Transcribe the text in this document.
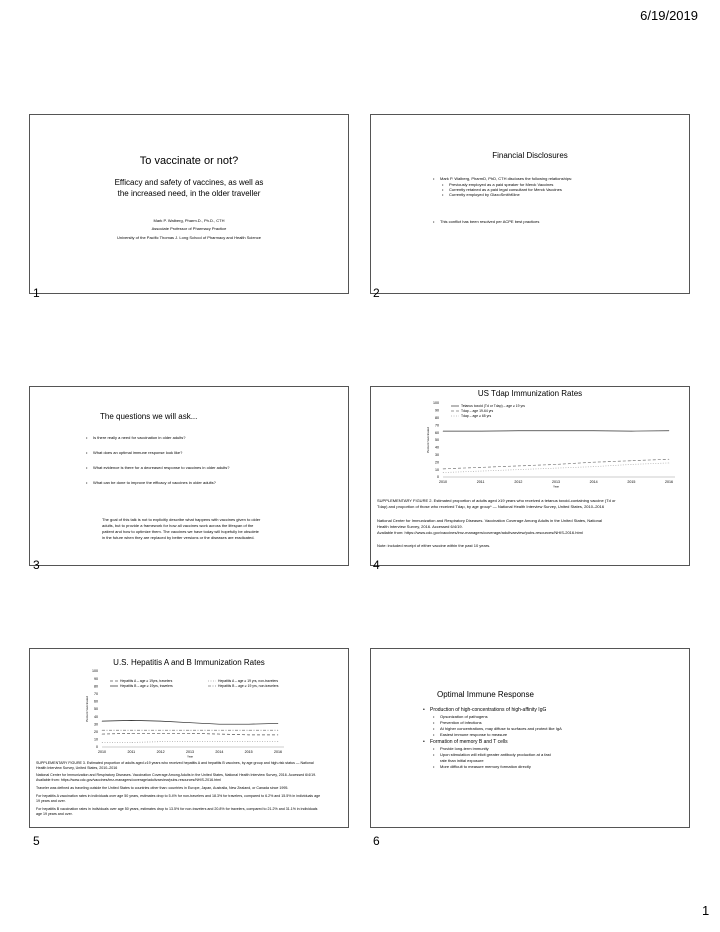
6/19/2019
To vaccinate or not?
Efficacy and safety of vaccines, as well as
the increased need, in the older traveller
Mark P. Walberg, Pharm.D., Ph.D., CTH
Associate Professor of Pharmacy Practice
University of the Pacific Thomas J. Long School of Pharmacy and Health Science
1
Financial Disclosures
• Mark P. Walberg, PharmD, PhD, CTH discloses the following relationships:
• Previously employed as a paid speaker for Merck Vaccines
• Currently retained as a paid legal consultant for Merck Vaccines
• Currently employed by GlaxoSmithKline
• This conflict has been resolved per ACPE best practices
2
The questions we will ask...
• Is there really a need for vaccination in older adults?
• What does an optimal immune response look like?
• What evidence is there for a decreased response to vaccines in older adults?
• What can be done to improve the efficacy of vaccines in older adults?
The goal of this talk is not to explicitly describe what happens with vaccines given to older
adults, but to provide a framework for how all vaccines work across the lifespan of the
patient and how to optimize them. The vaccines we have today will hopefully be obsolete
in the future when they are replaced by better versions or the diseases are eradicated.
3
US Tdap Immunization Rates
0
10
20
30
40
50
60
70
80
90
100
2010	2011	2012	2013	2014	2015	2016
Year
Percent Vaccinated
Tetanus toxoid (Td or Tdap) – age ≥ 19 yrs
Tdap – age 19-64 yrs
Tdap – age ≥ 65 yrs
SUPPLEMENTARY FIGURE 2. Estimated proportion of adults aged ≥19 years who received a tetanus toxoid-containing vaccine (Td or
Tdap) and proportion of those who received Tdap, by age group* — National Health Interview Survey, United States, 2010–2016
National Center for Immunization and Respiratory Diseases. Vaccination Coverage Among Adults in the United States, National
Health Interview Survey, 2016. Accessed 6/4/19.
Available from: https://www.cdc.gov/vaccines/imz-managers/coverage/adultvaxview/pubs-resources/NHIS-2016.html
Note: included receipt of either vaccine within the past 10 years.
4
U.S. Hepatitis A and B Immunization Rates
0
10
20
30
40
50
60
70
80
90
100
2010	2011	2012	2013	2014	2015	2016
Year
Percent Vaccinated
Hepatitis A – age ≥ 19yrs, travelers	Hepatitis A – age ≥ 19 yrs, non-travelers
Hepatitis B – age ≥ 19yrs, travelers	Hepatitis B – age ≥ 19 yrs, non-travelers
SUPPLEMENTARY FIGURE 3. Estimated proportion of adults aged ≥19 years who received hepatitis A and hepatitis B vaccines, by age group and high-risk status — National
Health Interview Survey, United States, 2010–2016
National Center for Immunization and Respiratory Diseases. Vaccination Coverage Among Adults in the United States, National Health Interview Survey, 2016. Accessed 6/4/19.
Available from: https://www.cdc.gov/vaccines/imz-managers/coverage/adultvaxview/pubs-resources/NHIS-2016.html
Traveler was defined as traveling outside the United States to countries other than: countries in Europe, Japan, Australia, New Zealand, or Canada since 1995.
For hepatitis A vaccination rates in individuals over age 50 years, estimates drop to 5.4% for non-travelers and 18.3% for travelers, compared to 6.2% and 15.5% in individuals age
19 years and over.
For hepatitis B vaccination rates in individuals over age 50 years, estimates drop to 13.5% for non-travelers and 20.8% for travelers, compared to 21.2% and 31.1% in individuals
age 19 years and over.
5
Optimal Immune Response
• Production of high-concentrations of high-affinity IgG
• Opsonization of pathogens
• Prevention of infections
• At higher concentrations, may diffuse to surfaces and protect like IgA
• Easiest immune response to measure
• Formation of memory B and T cells
• Provide long-term immunity
• Upon stimulation will elicit greater antibody production at a fast rate than initial exposure
• More difficult to measure memory formation directly
6
1
